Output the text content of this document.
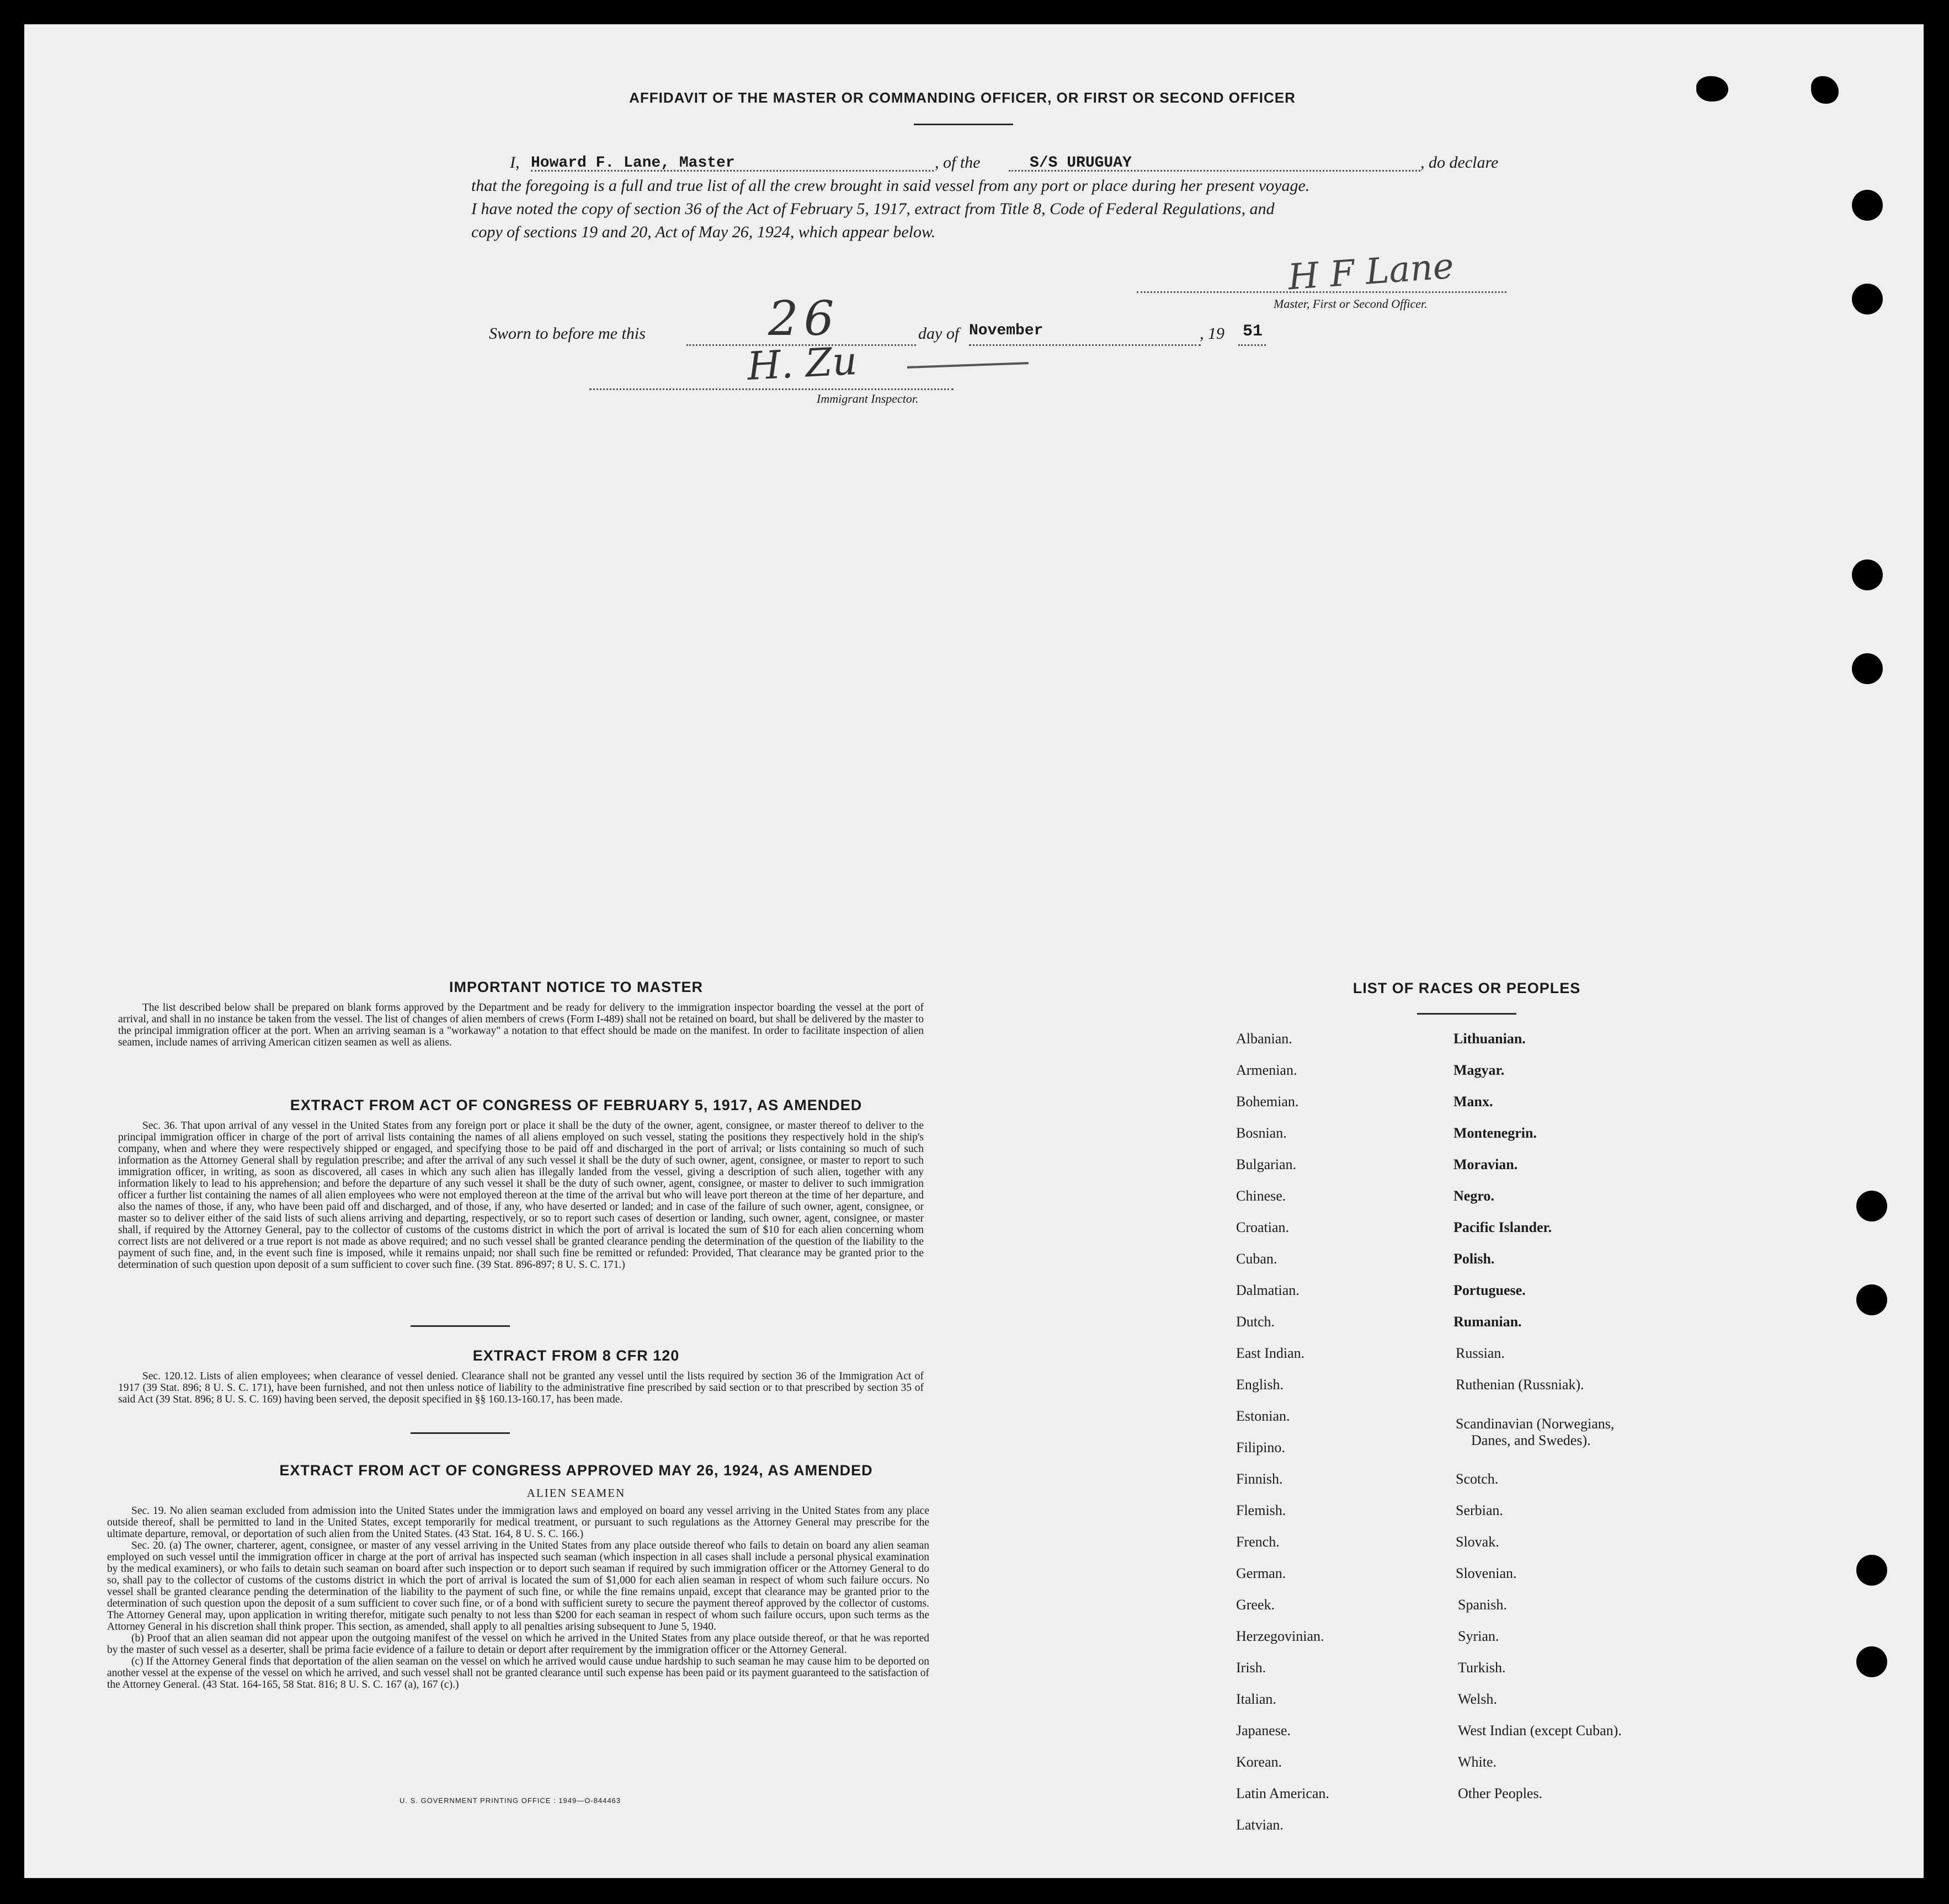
AFFIDAVIT OF THE MASTER OR COMMANDING OFFICER, OR FIRST OR SECOND OFFICER
I, Howard F. Lane, Master	, of the	S/S URUGUAY	, do declare
that the foregoing is a full and true list of all the crew brought in said vessel from any port or place during her present voyage.
I have noted the copy of section 36 of the Act of February 5, 1917, extract from Title 8, Code of Federal Regulations, and
copy of sections 19 and 20, Act of May 26, 1924, which appear below.
H F Lane
Master, First or Second Officer.
Sworn to before me this	26	day of November	, 19 51
H. Zu
Immigrant Inspector.
IMPORTANT NOTICE TO MASTER

The list described below shall be prepared on blank forms approved by the Department and be ready for delivery to the immigration inspector boarding the vessel at the port of arrival, and shall in no instance be taken from the vessel. The list of changes of alien members of crews (Form I-489) shall not be retained on board, but shall be delivered by the master to the principal immigration officer at the port. When an arriving seaman is a "workaway" a notation to that effect should be made on the manifest. In order to facilitate inspection of alien seamen, include names of arriving American citizen seamen as well as aliens.

EXTRACT FROM ACT OF CONGRESS OF FEBRUARY 5, 1917, AS AMENDED

Sec. 36. That upon arrival of any vessel in the United States from any foreign port or place it shall be the duty of the owner, agent, consignee, or master thereof to deliver to the principal immigration officer in charge of the port of arrival lists containing the names of all aliens employed on such vessel, stating the positions they respectively hold in the ship's company, when and where they were respectively shipped or engaged, and specifying those to be paid off and discharged in the port of arrival; or lists containing so much of such information as the Attorney General shall by regulation prescribe; and after the arrival of any such vessel it shall be the duty of such owner, agent, consignee, or master to report to such immigration officer, in writing, as soon as discovered, all cases in which any such alien has illegally landed from the vessel, giving a description of such alien, together with any information likely to lead to his apprehension; and before the departure of any such vessel it shall be the duty of such owner, agent, consignee, or master to deliver to such immigration officer a further list containing the names of all alien employees who were not employed thereon at the time of the arrival but who will leave port thereon at the time of her departure, and also the names of those, if any, who have been paid off and discharged, and of those, if any, who have deserted or landed; and in case of the failure of such owner, agent, consignee, or master so to deliver either of the said lists of such aliens arriving and departing, respectively, or so to report such cases of desertion or landing, such owner, agent, consignee, or master shall, if required by the Attorney General, pay to the collector of customs of the customs district in which the port of arrival is located the sum of $10 for each alien concerning whom correct lists are not delivered or a true report is not made as above required; and no such vessel shall be granted clearance pending the determination of the question of the liability to the payment of such fine, and, in the event such fine is imposed, while it remains unpaid; nor shall such fine be remitted or refunded: Provided, That clearance may be granted prior to the determination of such question upon deposit of a sum sufficient to cover such fine. (39 Stat. 896-897; 8 U. S. C. 171.)

EXTRACT FROM 8 CFR 120

Sec. 120.12. Lists of alien employees; when clearance of vessel denied. Clearance shall not be granted any vessel until the lists required by section 36 of the Immigration Act of 1917 (39 Stat. 896; 8 U. S. C. 171), have been furnished, and not then unless notice of liability to the administrative fine prescribed by said section or to that prescribed by section 35 of said Act (39 Stat. 896; 8 U. S. C. 169) having been served, the deposit specified in §§ 160.13-160.17, has been made.

EXTRACT FROM ACT OF CONGRESS APPROVED MAY 26, 1924, AS AMENDED
ALIEN SEAMEN

Sec. 19. No alien seaman excluded from admission into the United States under the immigration laws and employed on board any vessel arriving in the United States from any place outside thereof, shall be permitted to land in the United States, except temporarily for medical treatment, or pursuant to such regulations as the Attorney General may prescribe for the ultimate departure, removal, or deportation of such alien from the United States. (43 Stat. 164, 8 U. S. C. 166.)

Sec. 20. (a) The owner, charterer, agent, consignee, or master of any vessel arriving in the United States from any place outside thereof who fails to detain on board any alien seaman employed on such vessel until the immigration officer in charge at the port of arrival has inspected such seaman (which inspection in all cases shall include a personal physical examination by the medical examiners), or who fails to detain such seaman on board after such inspection or to deport such seaman if required by such immigration officer or the Attorney General to do so, shall pay to the collector of customs of the customs district in which the port of arrival is located the sum of $1,000 for each alien seaman in respect of whom such failure occurs. No vessel shall be granted clearance pending the determination of the liability to the payment of such fine, or while the fine remains unpaid, except that clearance may be granted prior to the determination of such question upon the deposit of a sum sufficient to cover such fine, or of a bond with sufficient surety to secure the payment thereof approved by the collector of customs. The Attorney General may, upon application in writing therefor, mitigate such penalty to not less than $200 for each seaman in respect of whom such failure occurs, upon such terms as the Attorney General in his discretion shall think proper. This section, as amended, shall apply to all penalties arising subsequent to June 5, 1940.

(b) Proof that an alien seaman did not appear upon the outgoing manifest of the vessel on which he arrived in the United States from any place outside thereof, or that he was reported by the master of such vessel as a deserter, shall be prima facie evidence of a failure to detain or deport after requirement by the immigration officer or the Attorney General.

(c) If the Attorney General finds that deportation of the alien seaman on the vessel on which he arrived would cause undue hardship to such seaman he may cause him to be deported on another vessel at the expense of the vessel on which he arrived, and such vessel shall not be granted clearance until such expense has been paid or its payment guaranteed to the satisfaction of the Attorney General. (43 Stat. 164-165, 58 Stat. 816; 8 U. S. C. 167 (a), 167 (c).)

U. S. GOVERNMENT PRINTING OFFICE : 1949—O-844463
LIST OF RACES OR PEOPLES
Albanian.
Armenian.
Bohemian.
Bosnian.
Bulgarian.
Chinese.
Croatian.
Cuban.
Dalmatian.
Dutch.
East Indian.
English.
Estonian.
Filipino.
Finnish.
Flemish.
French.
German.
Greek.
Herzegovinian.
Irish.
Italian.
Japanese.
Korean.
Latin American.
Latvian.
Lithuanian.
Magyar.
Manx.
Montenegrin.
Moravian.
Negro.
Pacific Islander.
Polish.
Portuguese.
Rumanian.
Russian.
Ruthenian (Russniak).
Scandinavian (Norwegians,
Danes, and Swedes).
Scotch.
Serbian.
Slovak.
Slovenian.
Spanish.
Syrian.
Turkish.
Welsh.
West Indian (except Cuban).
White.
Other Peoples.
